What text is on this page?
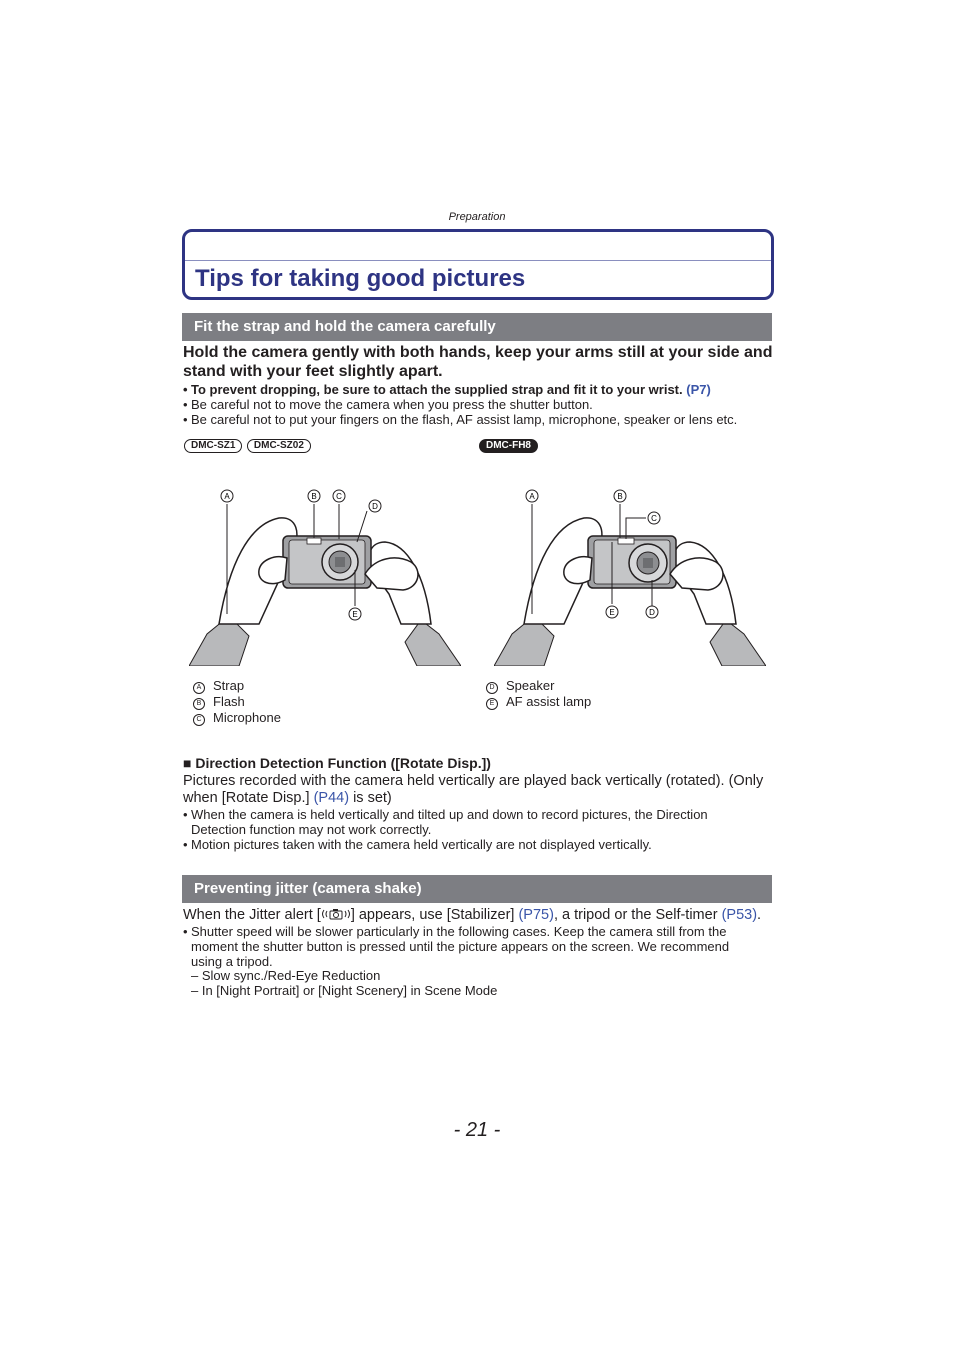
Preparation
Tips for taking good pictures
Fit the strap and hold the camera carefully
Hold the camera gently with both hands, keep your arms still at your side and stand with your feet slightly apart.
• To prevent dropping, be sure to attach the supplied strap and fit it to your wrist. (P7)
• Be careful not to move the camera when you press the shutter button.
• Be careful not to put your fingers on the flash, AF assist lamp, microphone, speaker or lens etc.
DMC-SZ1 DMC-SZ02	DMC-FH8
A	B C
D
E
A	B
C
D
E
A Strap
B Flash
C Microphone
D Speaker
E AF assist lamp
■ Direction Detection Function ([Rotate Disp.])
Pictures recorded with the camera held vertically are played back vertically (rotated). (Only
when [Rotate Disp.] (P44) is set)
• When the camera is held vertically and tilted up and down to record pictures, the Direction
Detection function may not work correctly.
• Motion pictures taken with the camera held vertically are not displayed vertically.
Preventing jitter (camera shake)
When the Jitter alert [ ] appears, use [Stabilizer] (P75), a tripod or the Self-timer (P53).
• Shutter speed will be slower particularly in the following cases. Keep the camera still from the
moment the shutter button is pressed until the picture appears on the screen. We recommend
using a tripod.
– Slow sync./Red-Eye Reduction
– In [Night Portrait] or [Night Scenery] in Scene Mode
- 21 -
